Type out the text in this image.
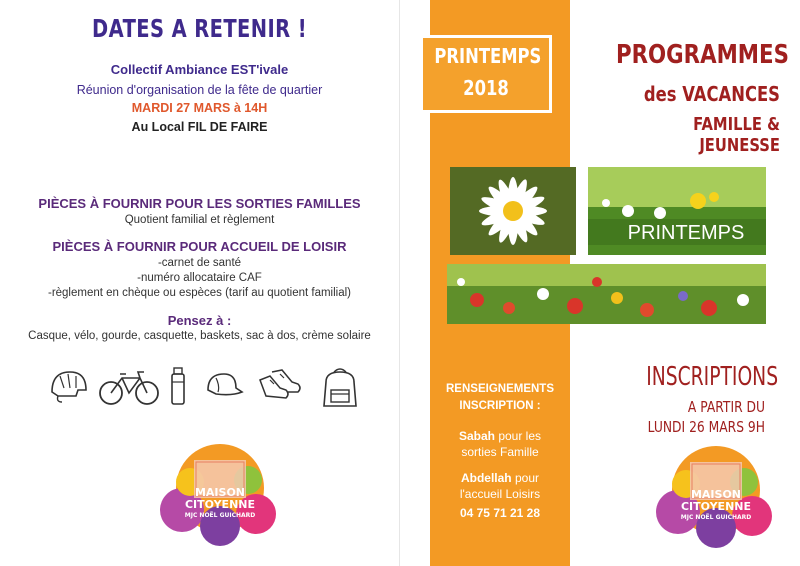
DATES A RETENIR !
Collectif Ambiance EST'ivale
Réunion d'organisation de la fête de quartier
MARDI 27 MARS à 14H
Au Local FIL DE FAIRE
PIÈCES À FOURNIR POUR LES SORTIES FAMILLES
Quotient familial et règlement
PIÈCES À FOURNIR POUR ACCUEIL DE LOISIR
-carnet de santé
-numéro allocataire CAF
-règlement en chèque ou espèces (tarif au quotient familial)
Pensez à :
Casque, vélo, gourde, casquette, baskets, sac à dos, crème solaire
MAISON
CITOYENNE
MJC NOËL GUICHARD
PRINTEMPS
2018
RENSEIGNEMENTS INSCRIPTION :
Sabah pour les sorties Famille
Abdellah pour l'accueil Loisirs
04 75 71 21 28
PROGRAMMES
des VACANCES
FAMILLE & JEUNESSE
PRINTEMPS
INSCRIPTIONS
A PARTIR DU
LUNDI 26 MARS 9H
MAISON
CITOYENNE
MJC NOËL GUICHARD
